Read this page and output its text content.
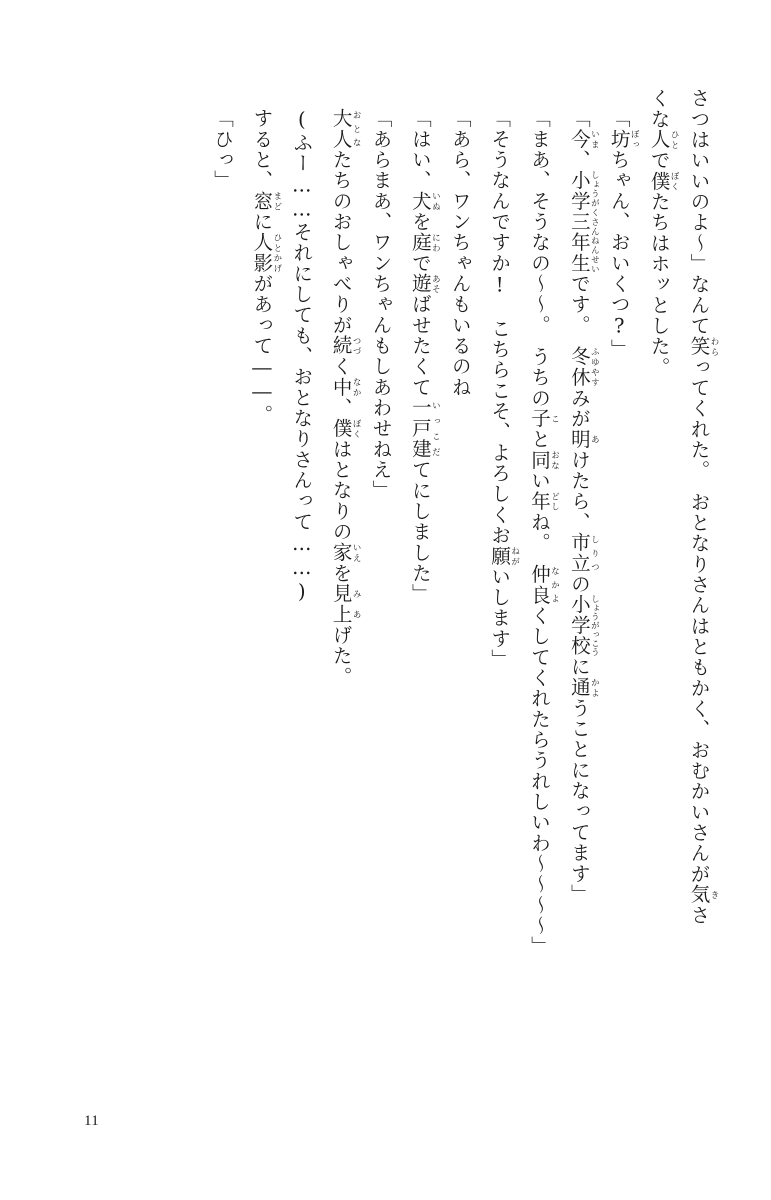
さつはいいのよ～」なんて笑わらってくれた。　おとなりさんはともかく、おむかいさんが気きさ
くな人ひとで僕ぼくたちはホッとした。
「坊ぼっちゃん、おいくつ?」
「今いま、小学三年生しょうがくさんねんせいです。　冬休ふゆやすみが明あけたら、市立しりつの小学校しょうがっこうに通かようことになってます」
「まあ、そうなの～～。　うちの子こと同おない年どしね。　仲良なかよくしてくれたらうれしいわ～～～～」
「そうなんですか!　こちらこそ、よろしくお願ねがいします」
「あら、ワンちゃんもいるのね
「はい、犬いぬを庭にわで遊あそばせたくて一戸建いっこだてにしました」
「あらまあ、ワンちゃんもしあわせねえ」
大人おとなたちのおしゃべりが続つづく中なか、僕ぼくはとなりの家いえを見み上あげた。
(ふー……それにしても、おとなりさんって……)
すると、窓まどに人影ひとかげがあって――。
「ひっ」
11
